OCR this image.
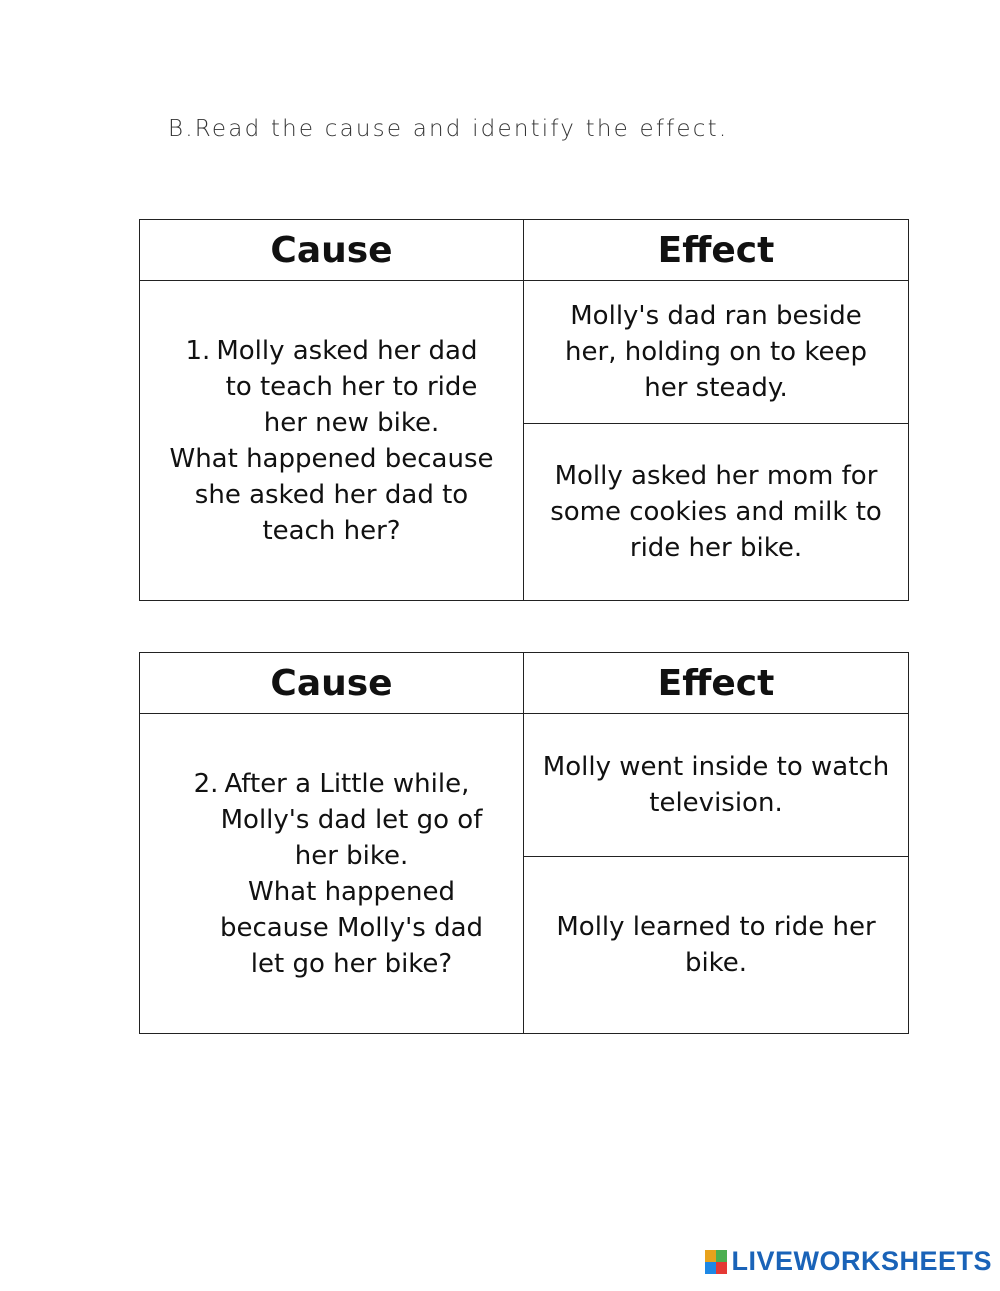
B.Read the cause and identify the effect.

Cause	Effect
1. Molly asked her dad
to teach her to ride
her new bike.
What happened because
she asked her dad to
teach her?
Molly's dad ran beside her, holding on to keep her steady.
Molly asked her mom for some cookies and milk to ride her bike.
Cause	Effect
2. After a Little while,
Molly's dad let go of
her bike.
What happened
because Molly's dad
let go her bike?
Molly went inside to watch television.
Molly learned to ride her bike.
LIVEWORKSHEETS
